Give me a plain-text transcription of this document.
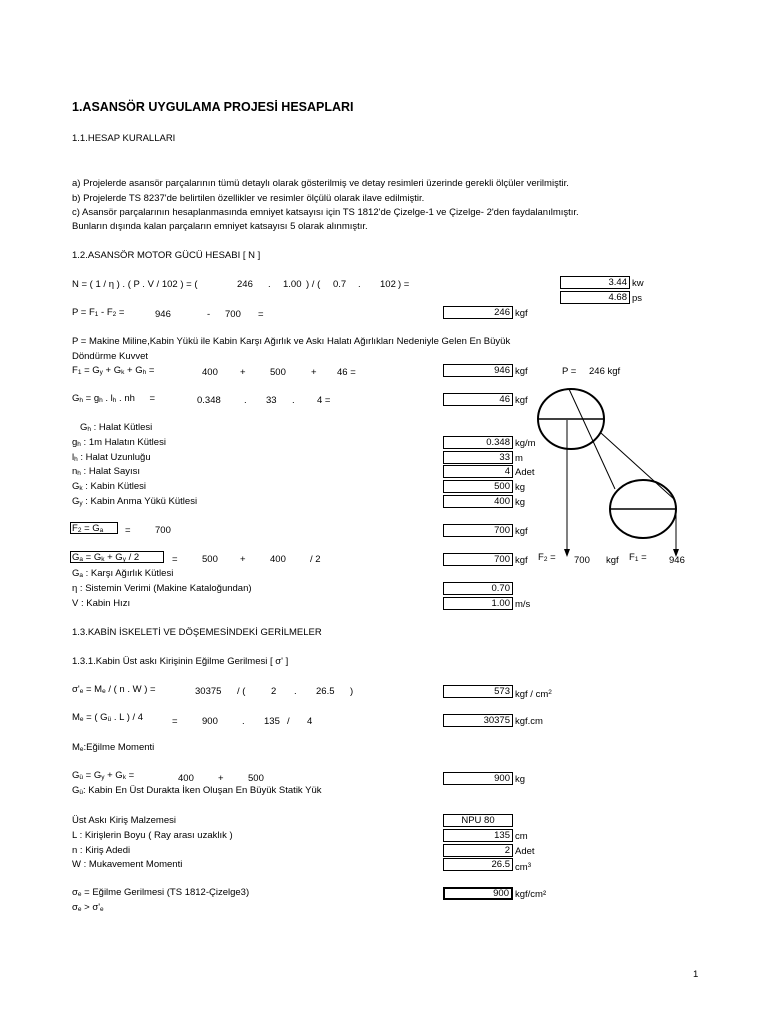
1.ASANSÖR UYGULAMA PROJESİ HESAPLARI
1.1.HESAP KURALLARI
a) Projelerde asansör parçalarının tümü detaylı olarak gösterilmiş ve detay resimleri üzerinde gerekli ölçüler verilmiştir.
b) Projelerde TS 8237'de belirtilen özellikler ve resimler ölçülü olarak ilave edilmiştir.
c) Asansör parçalarının hesaplanmasında emniyet katsayısı için TS 1812'de Çizelge-1 ve Çizelge- 2'den faydalanılmıştır.
Bunların dışında kalan parçaların emniyet katsayısı 5 olarak alınmıştır.
1.2.ASANSÖR MOTOR GÜCÜ HESABI [ N ]
N = ( 1 / η ) . ( P . V / 102 ) = (	246 . 1.00 ) / ( 0.7 . 102 ) =	3.44 kw
4.68 ps
$P = F_1 - F_2$ =	946	- 700 =	246 kgf
P = Makine Miline,Kabin Yükü ile Kabin Karşı Ağırlık ve Askı Halatı Ağırlıkları Nedeniyle Gelen En Büyük
Döndürme Kuvvet
$F_1 = G_y + G_k + G_h$ =	400 +	500	+ 46 =	946 kgf	P = 246 kgf
$G_h = g_h$ . $l_h$ . nh =	0.348 . 33 . 4 =	46 kgf
$G_h$ : Halat Kütlesi
$g_h$ : 1m Halatın Kütlesi	0.348 kg/m
$l_h$ : Halat Uzunluğu	33 m
$n_h$ : Halat Sayısı	4 Adet
$G_k$ : Kabin Kütlesi	500 kg
$G_y$ : Kabin Anma Yükü Kütlesi	400 kg
$F_2 = G_a$ =	700	700 kgf
$G_a = G_k + G_y / 2$	=	500 +	400	/ 2	700 kgf $F_2 = 700$ kgf $F_1 = 946$
$G_a$ : Karşı Ağırlık Kütlesi
η : Sistemin Verimi (Makine Kataloğundan)	0.70
V : Kabin Hızı	1.00 m/s
1.3.KABİN İSKELETİ VE DÖŞEMESİNDEKİ GERİLMELER
1.3.1.Kabin Üst askı Kirişinin Eğilme Gerilmesi [ σ' ]
$\sigma'_e = M_e$ / ( n . W ) =	30375 / (	2 . 26.5 )	573 kgf / $cm^2$
$M_e$ = ( $G_ü$ . L ) / 4	=	900	. 135 / 4	30375 kgf.cm
$M_e:Eğilme$ Momenti
$G_ü = G_y + G_k$ =	400	+	500	900 kg
$G_ü$: Kabin En Üst Durakta İken Oluşan En Büyük Statik Yük
Üst Askı Kiriş Malzemesi	NPU 80
L : Kirişlerin Boyu ( Ray arası uzaklık )	135 cm
n : Kiriş Adedi	2 Adet
W : Mukavement Momenti	26.5 $cm^3$
$\sigma_e$ = Eğilme Gerilmesi (TS 1812-Çizelge3)	900 kgf/cm²
$\sigma_e > \sigma'_e$
1
